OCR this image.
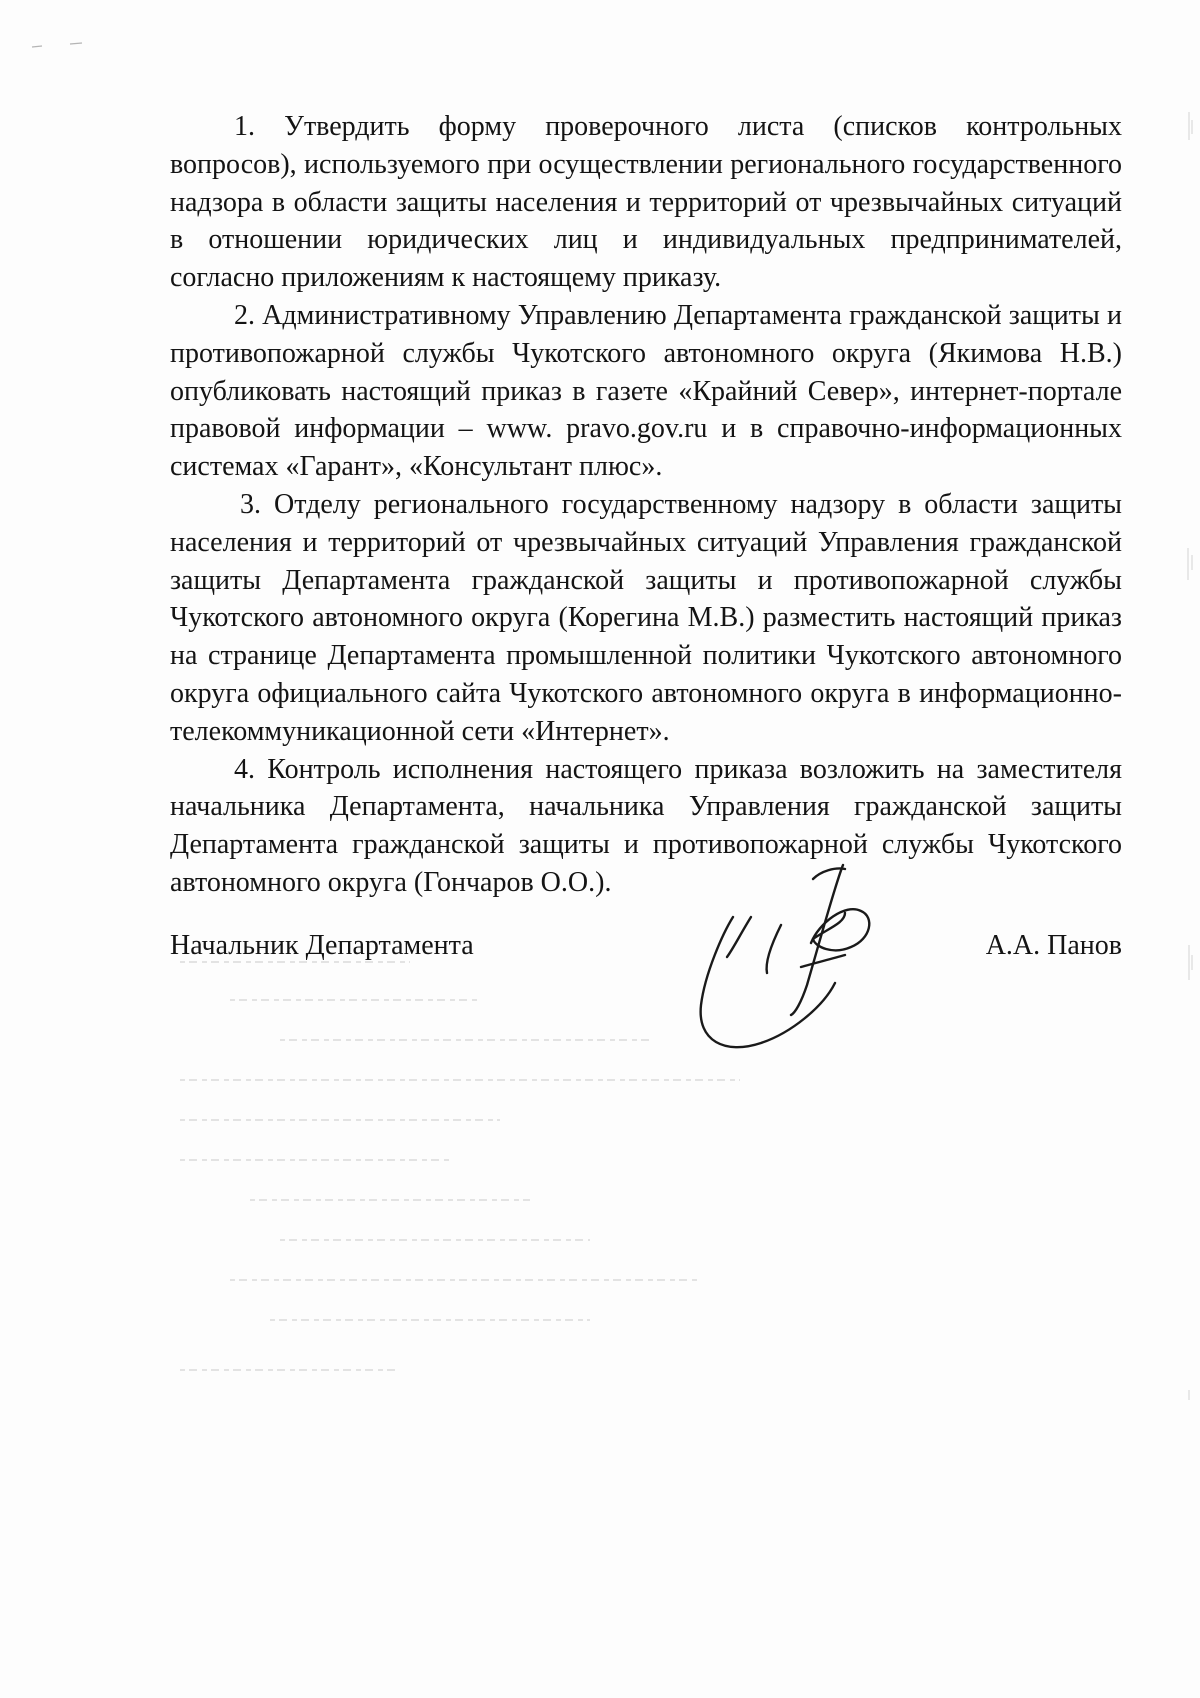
1. Утвердить форму проверочного листа (списков контрольных вопросов), используемого при осуществлении регионального государственного надзора в области защиты населения и территорий от чрезвычайных ситуаций в отношении юридических лиц и индивидуальных предпринимателей, согласно приложениям к настоящему приказу.

2. Административному Управлению Департамента гражданской защиты и противопожарной службы Чукотского автономного округа (Якимова Н.В.) опубликовать настоящий приказ в газете «Крайний Север», интернет-портале правовой информации – www. pravo.gov.ru и в справочно-информационных системах «Гарант», «Консультант плюс».

3. Отделу регионального государственному надзору в области защиты населения и территорий от чрезвычайных ситуаций Управления гражданской защиты Департамента гражданской защиты и противопожарной службы Чукотского автономного округа (Корегина М.В.) разместить настоящий приказ на странице Департамента промышленной политики Чукотского автономного округа официального сайта Чукотского автономного округа в информационно-телекоммуникационной сети «Интернет».

4. Контроль исполнения настоящего приказа возложить на заместителя начальника Департамента, начальника Управления гражданской защиты Департамента гражданской защиты и противопожарной службы Чукотского автономного округа (Гончаров О.О.).

Начальник Департамента	А.А. Панов
